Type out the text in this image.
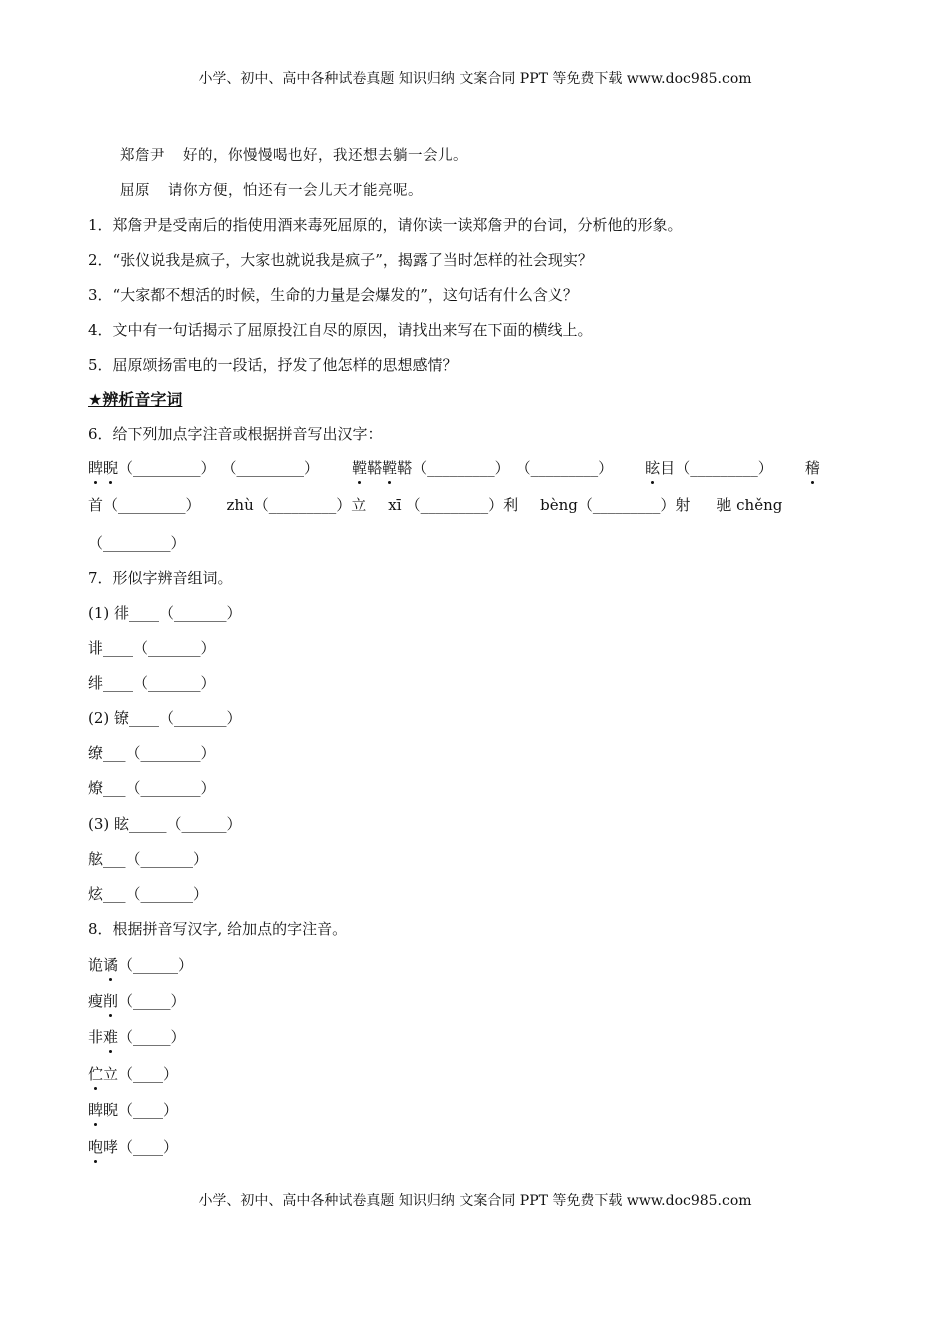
小学、初中、高中各种试卷真题 知识归纳 文案合同 PPT 等免费下载 www.doc985.com
郑詹尹 好的，你慢慢喝也好，我还想去躺一会儿。
屈原 请你方便，怕还有一会儿天才能亮呢。
1．郑詹尹是受南后的指使用酒来毒死屈原的，请你读一读郑詹尹的台词，分析他的形象。
2．“张仪说我是疯子，大家也就说我是疯子”，揭露了当时怎样的社会现实？
3．“大家都不想活的时候，生命的力量是会爆发的”，这句话有什么含义？
4．文中有一句话揭示了屈原投江自尽的原因，请找出来写在下面的横线上。
5．屈原颂扬雷电的一段话，抒发了他怎样的思想感情？
★辨析音字词
6．给下列加点字注音或根据拼音写出汉字：
睥睨（_________） （_________） 鞺鞳鞺鞳（_________） （_________） 眩目（_________） 稽
首（_________） zhù（_________）立 xī （_________）利 bèng（_________）射 驰 chěng
（_________）
7．形似字辨音组词。
(1) 徘____（_______）
诽____（_______）
绯____（_______）
(2) 镣____（_______）
缭___（________）
燎___（________）
(3) 眩_____（______）
舷___（_______）
炫___（_______）
8．根据拼音写汉字, 给加点的字注音。
诡谲（______）
瘦削（_____）
非难（_____）
伫立（____）
睥睨（____）
咆哮（____）
小学、初中、高中各种试卷真题 知识归纳 文案合同 PPT 等免费下载 www.doc985.com
